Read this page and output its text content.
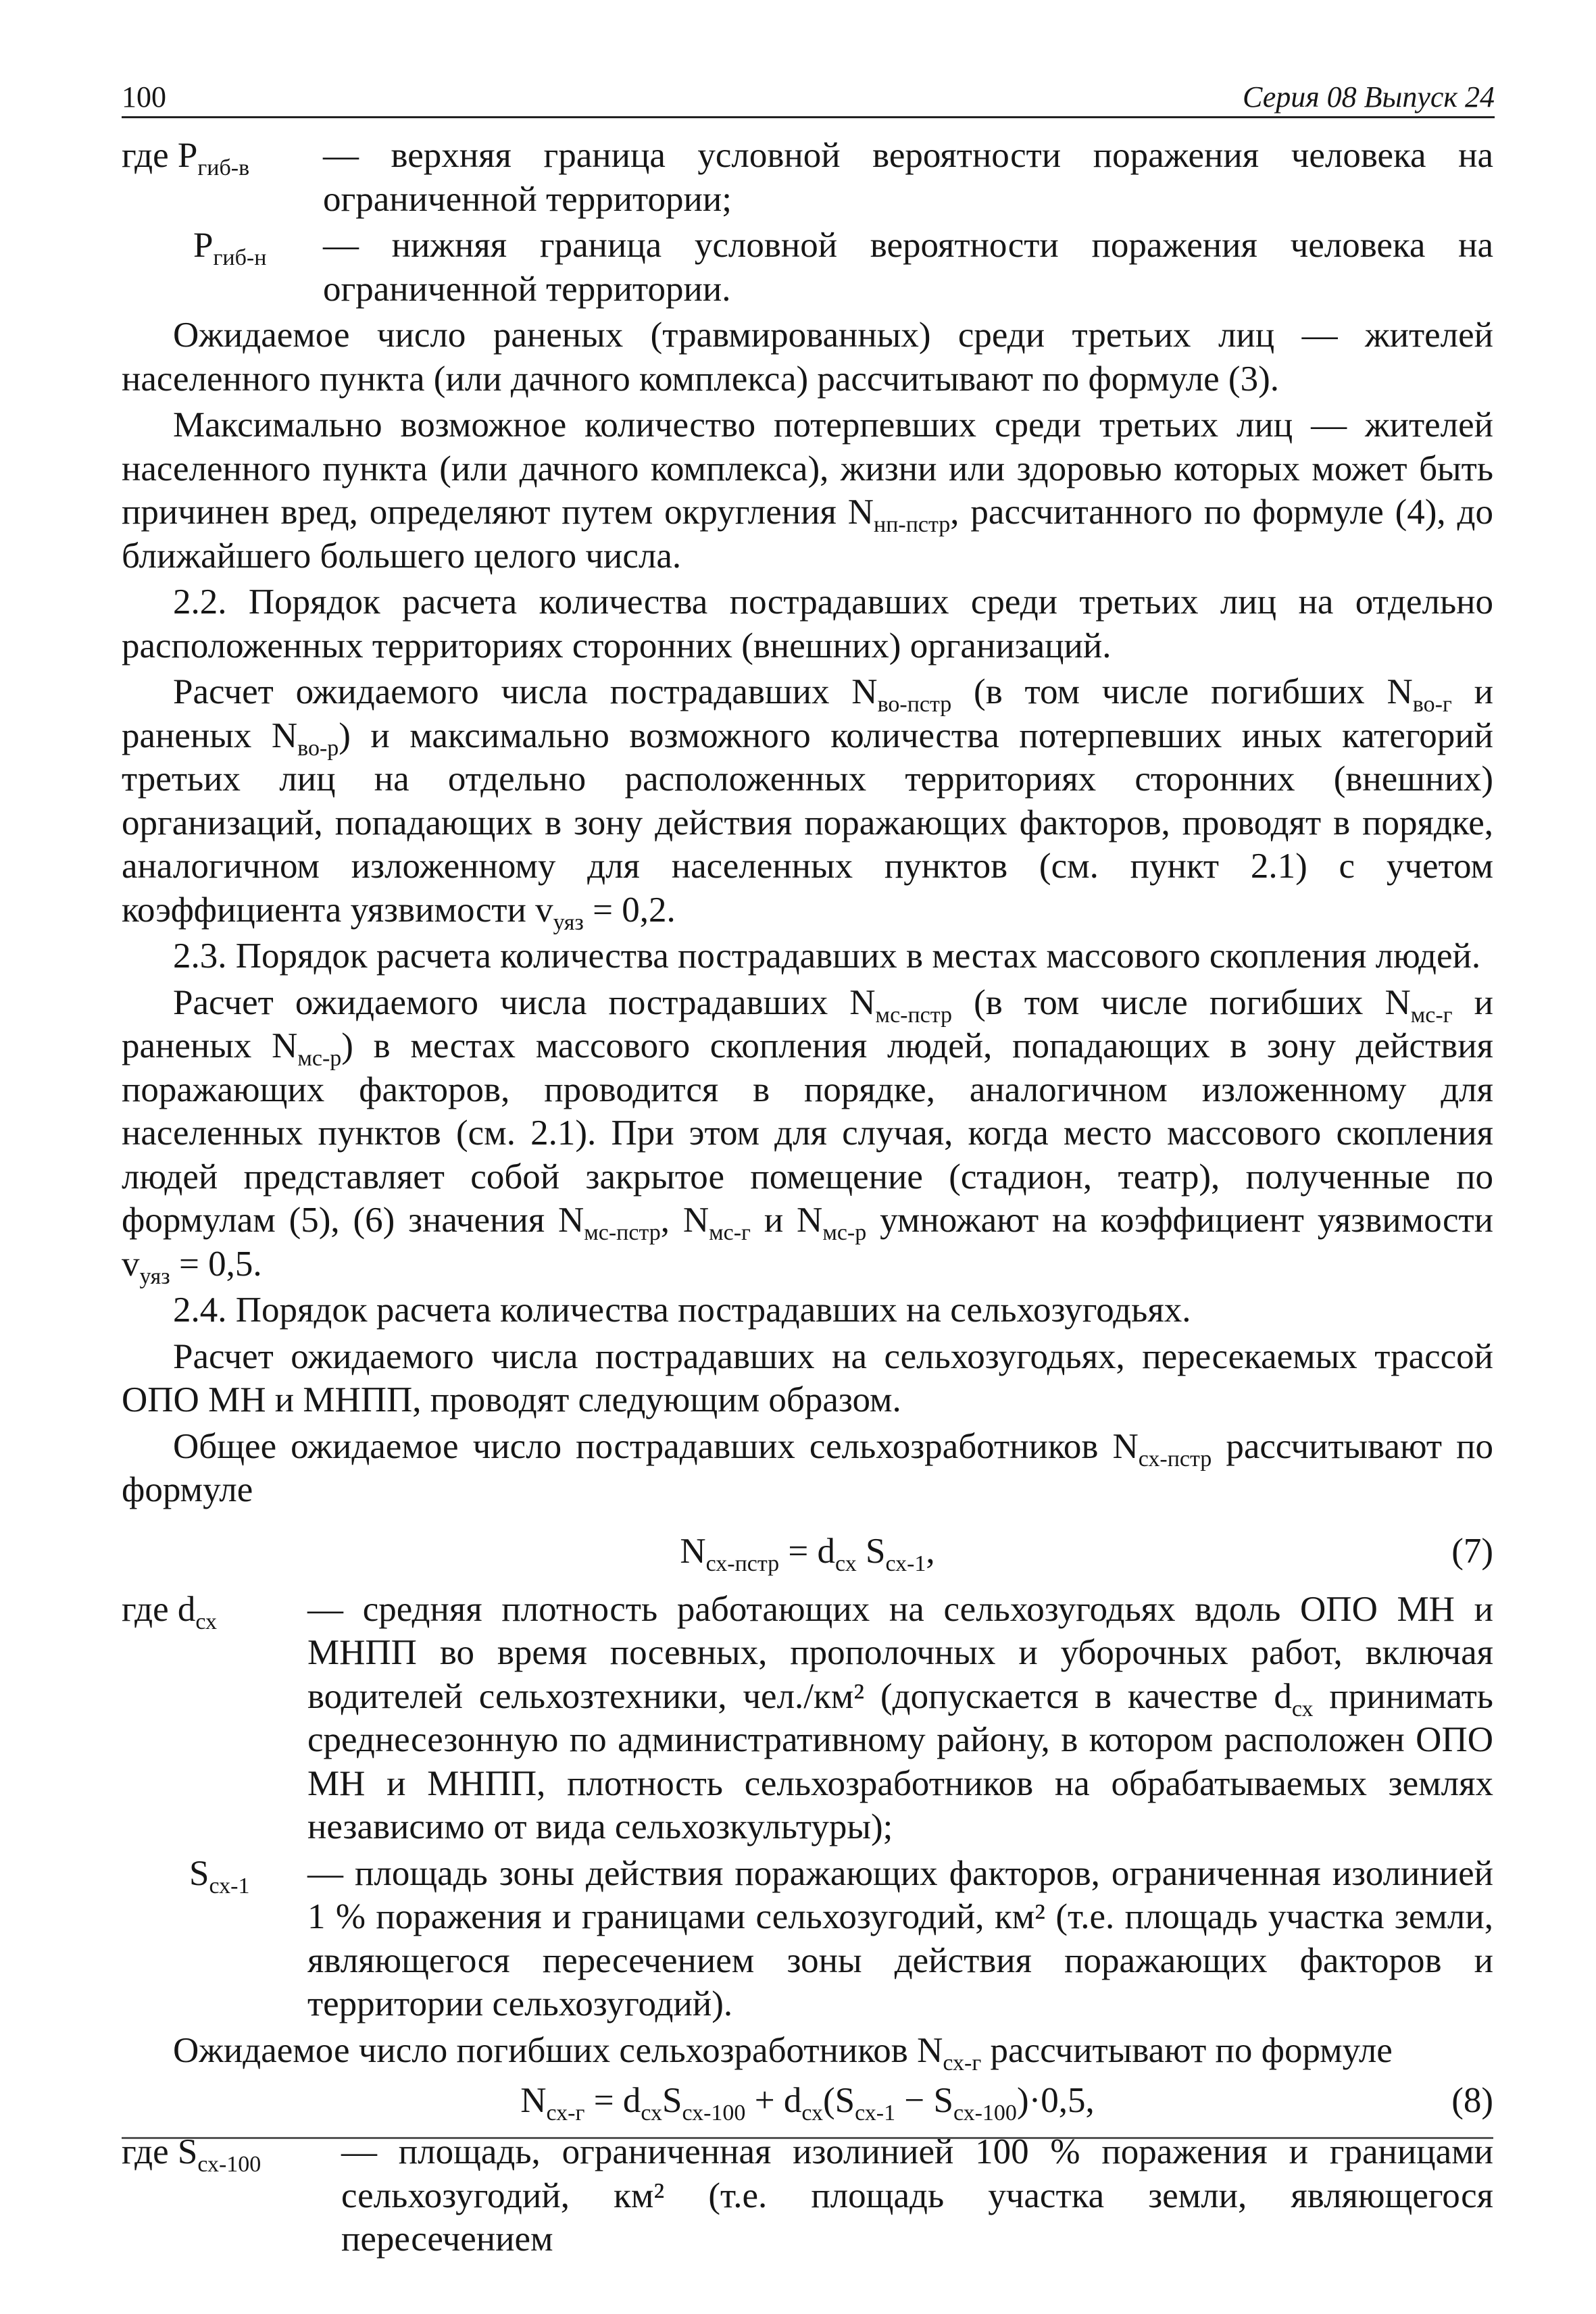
100	Серия 08 Выпуск 24
где $P_{гиб-в}$ — верхняя граница условной вероятности поражения человека на ограниченной территории;
$P_{гиб-н}$ — нижняя граница условной вероятности поражения человека на ограниченной территории.

Ожидаемое число раненых (травмированных) среди третьих лиц — жителей населенного пункта (или дачного комплекса) рассчитывают по формуле (3).

Максимально возможное количество потерпевших среди третьих лиц — жителей населенного пункта (или дачного комплекса), жизни или здоровью которых может быть причинен вред, определяют путем округления $N_{нп-пстр}$, рассчитанного по формуле (4), до ближайшего большего целого числа.

2.2. Порядок расчета количества пострадавших среди третьих лиц на отдельно расположенных территориях сторонних (внешних) организаций.

Расчет ожидаемого числа пострадавших $N_{во-пстр}$ (в том числе погибших $N_{во-г}$ и раненых $N_{во-р}$) и максимально возможного количества потерпевших иных категорий третьих лиц на отдельно расположенных территориях сторонних (внешних) организаций, попадающих в зону действия поражающих факторов, проводят в порядке, аналогичном изложенному для населенных пунктов (см. пункт 2.1) с учетом коэффициента уязвимости $v_{уяз} = 0,2$.

2.3. Порядок расчета количества пострадавших в местах массового скопления людей.

Расчет ожидаемого числа пострадавших $N_{мс-пстр}$ (в том числе погибших $N_{мс-г}$ и раненых $N_{мс-р}$) в местах массового скопления людей, попадающих в зону действия поражающих факторов, проводится в порядке, аналогичном изложенному для населенных пунктов (см. 2.1). При этом для случая, когда место массового скопления людей представляет собой закрытое помещение (стадион, театр), полученные по формулам (5), (6) значения $N_{мс-пстр}$, $N_{мс-г}$ и $N_{мс-р}$ умножают на коэффициент уязвимости $v_{уяз} = 0,5$.

2.4. Порядок расчета количества пострадавших на сельхозугодьях.

Расчет ожидаемого числа пострадавших на сельхозугодьях, пересекаемых трассой ОПО МН и МНПП, проводят следующим образом.

Общее ожидаемое число пострадавших сельхозработников $N_{сх-пстр}$ рассчитывают по формуле

$N_{сх-пстр} = d_{сх}$ $S_{сх-1}$,	(7)
где $d_{сх}$	— средняя плотность работающих на сельхозугодьях вдоль ОПО МН и МНПП во время посевных, прополочных и уборочных работ, включая водителей сельхозтехники, чел./км² (допускается в качестве $d_{сх}$ принимать среднесезонную по административному району, в котором расположен ОПО МН и МНПП, плотность сельхозработников на обрабатываемых землях независимо от вида сельхозкультуры);
$S_{сх-1}$ — площадь зоны действия поражающих факторов, ограниченная изолинией 1 % поражения и границами сельхозугодий, км² (т.е. площадь участка земли, являющегося пересечением зоны действия поражающих факторов и территории сельхозугодий).

Ожидаемое число погибших сельхозработников $N_{сх-г}$ рассчитывают по формуле

$N_{сх-г} = d_{сх}S_{сх-100} + d_{сх}(S_{сх-1} - S_{сх-100})\cdot 0,5$,	(8)
где $S_{сх-100}$ — площадь, ограниченная изолинией 100 % поражения и границами сельхозугодий, км² (т.е. площадь участка земли, являющегося пересечением
